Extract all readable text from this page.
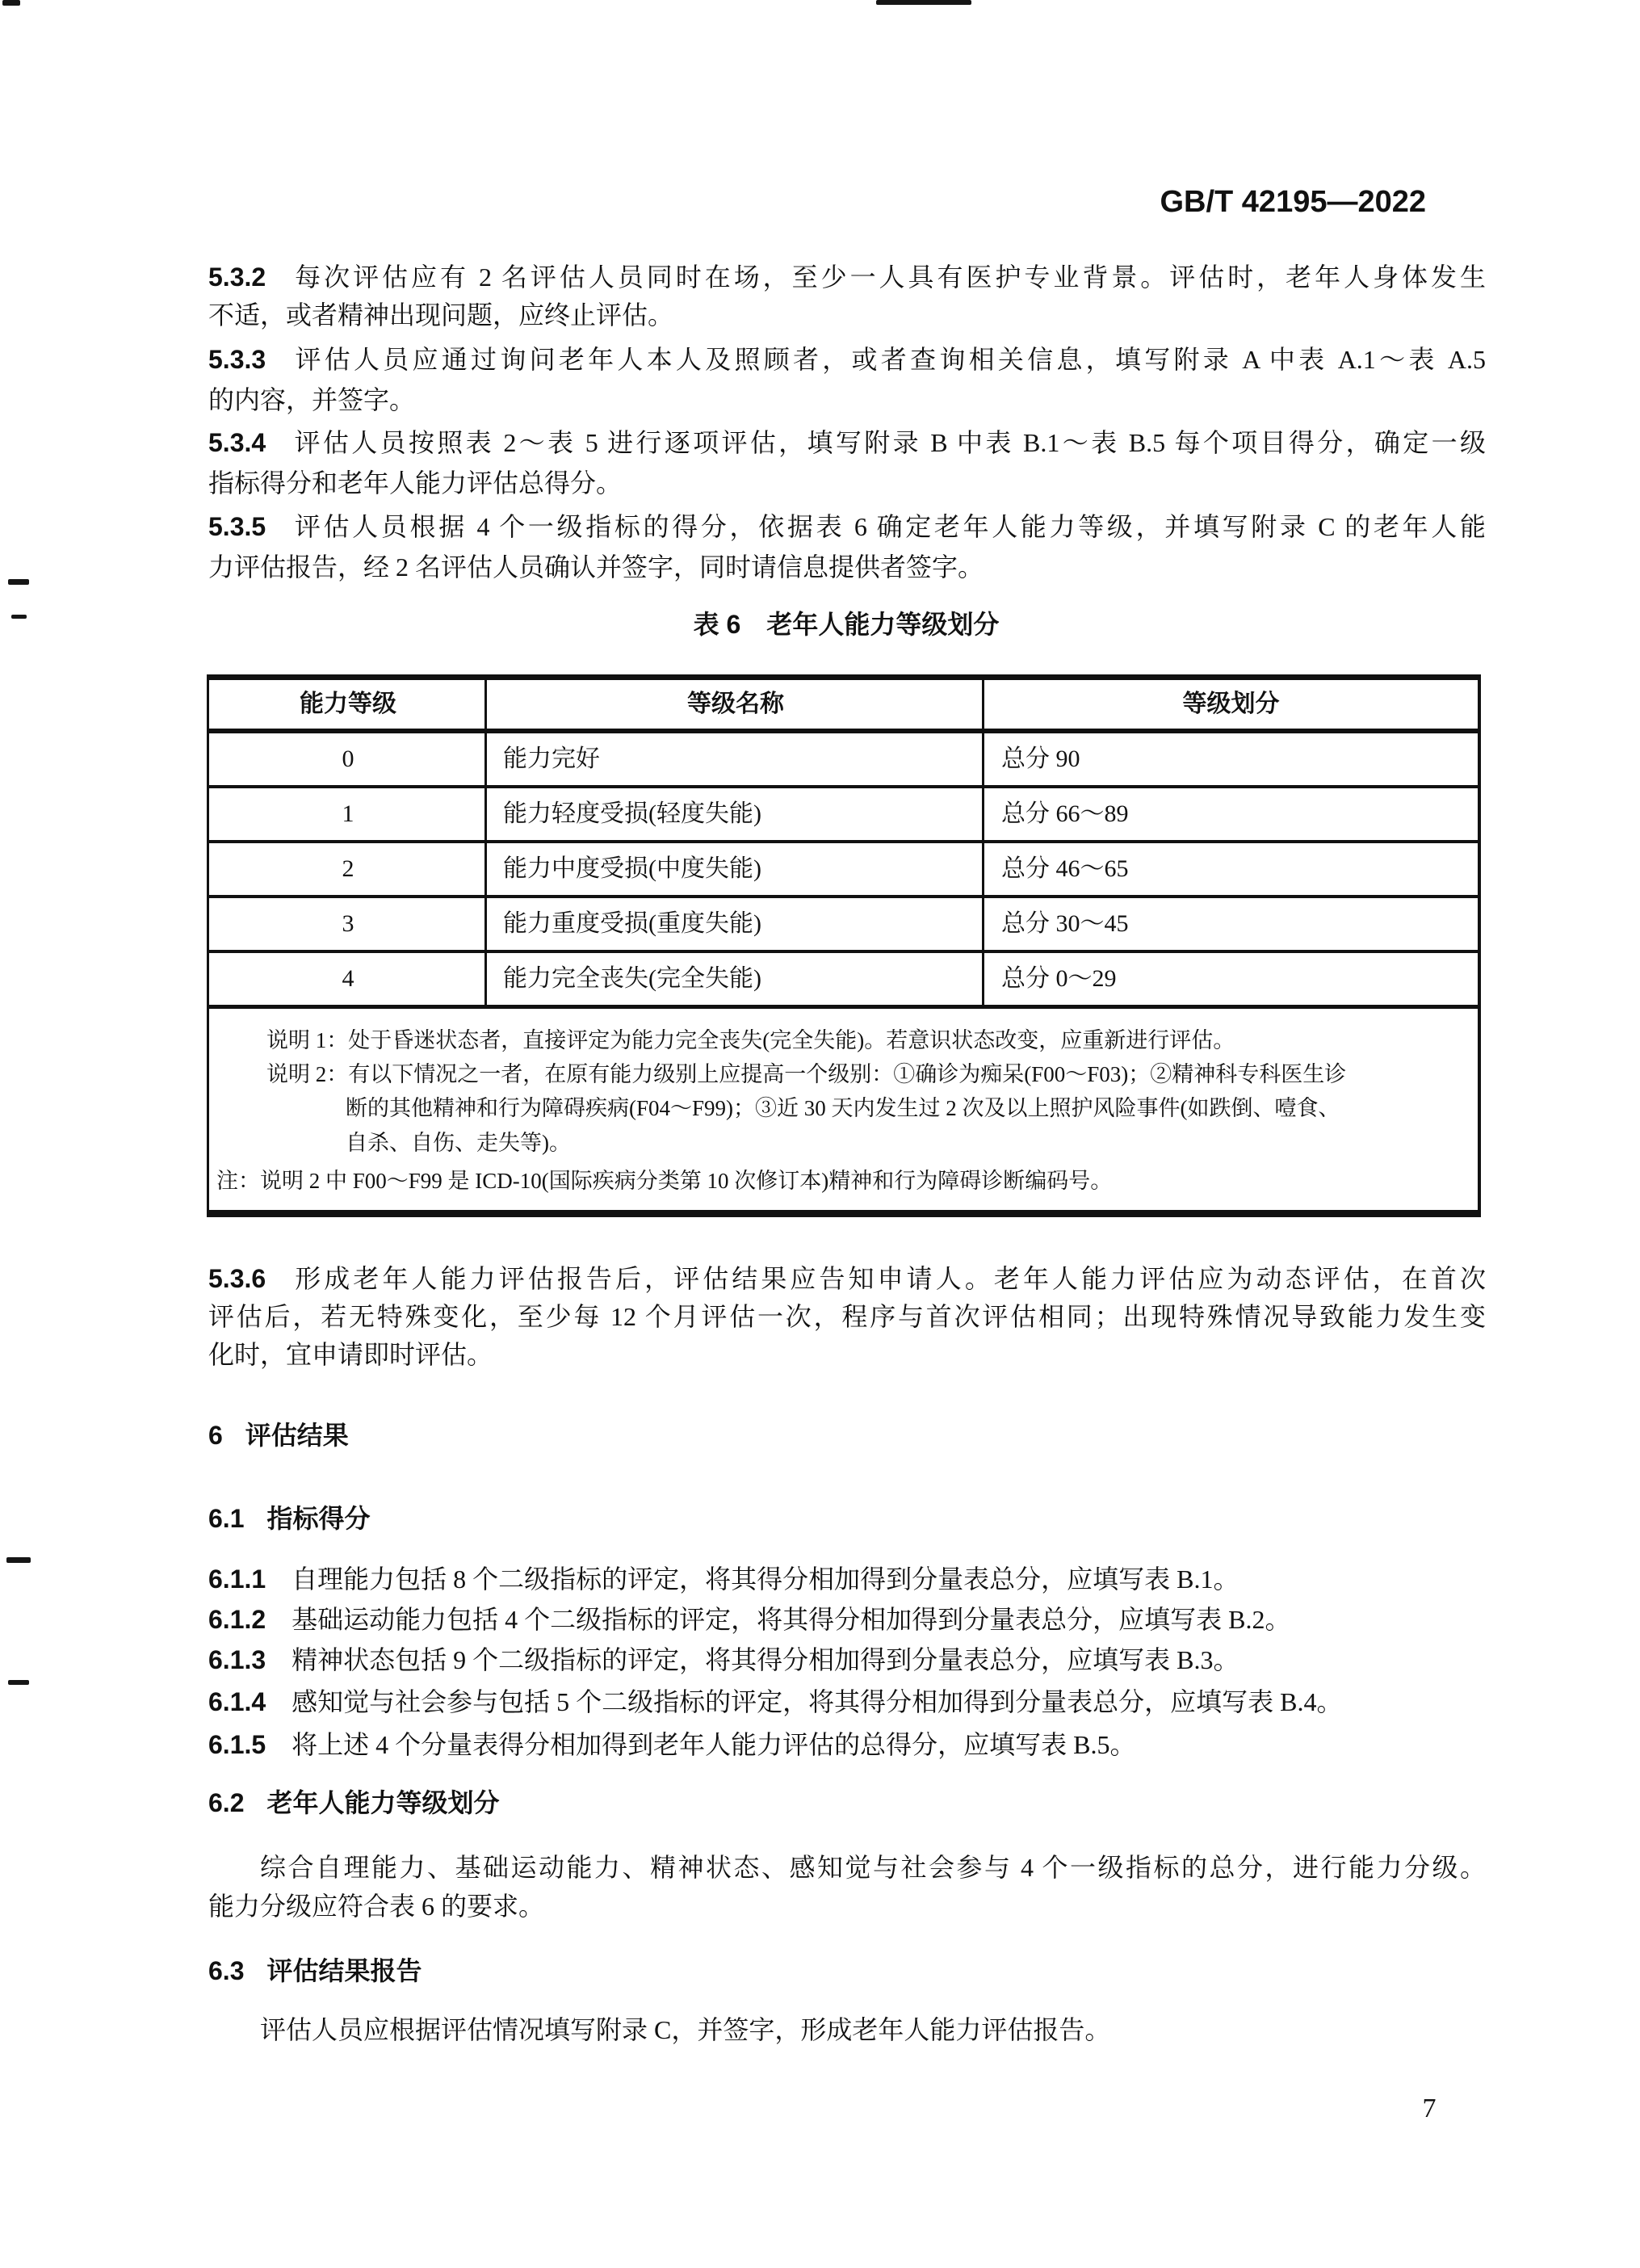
GB/T 42195—2022
5.3.2 每次评估应有 2 名评估人员同时在场，至少一人具有医护专业背景。评估时，老年人身体发生
不适，或者精神出现问题，应终止评估。
5.3.3 评估人员应通过询问老年人本人及照顾者，或者查询相关信息，填写附录 A 中表 A.1～表 A.5
的内容，并签字。
5.3.4 评估人员按照表 2～表 5 进行逐项评估，填写附录 B 中表 B.1～表 B.5 每个项目得分，确定一级
指标得分和老年人能力评估总得分。
5.3.5 评估人员根据 4 个一级指标的得分，依据表 6 确定老年人能力等级，并填写附录 C 的老年人能
力评估报告，经 2 名评估人员确认并签字，同时请信息提供者签字。
表 6　老年人能力等级划分
能力等级	等级名称	等级划分
0	能力完好	总分 90
1	能力轻度受损(轻度失能)	总分 66～89
2	能力中度受损(中度失能)	总分 46～65
3	能力重度受损(重度失能)	总分 30～45
4	能力完全丧失(完全失能)	总分 0～29
说明 1：处于昏迷状态者，直接评定为能力完全丧失(完全失能)。若意识状态改变，应重新进行评估。
说明 2：有以下情况之一者，在原有能力级别上应提高一个级别：①确诊为痴呆(F00～F03)；②精神科专科医生诊
断的其他精神和行为障碍疾病(F04～F99)；③近 30 天内发生过 2 次及以上照护风险事件(如跌倒、噎食、
自杀、自伤、走失等)。
注：说明 2 中 F00～F99 是 ICD-10(国际疾病分类第 10 次修订本)精神和行为障碍诊断编码号。
5.3.6 形成老年人能力评估报告后，评估结果应告知申请人。老年人能力评估应为动态评估，在首次
评估后，若无特殊变化，至少每 12 个月评估一次，程序与首次评估相同；出现特殊情况导致能力发生变
化时，宜申请即时评估。
6 评估结果
6.1 指标得分
6.1.1 自理能力包括 8 个二级指标的评定，将其得分相加得到分量表总分，应填写表 B.1。
6.1.2 基础运动能力包括 4 个二级指标的评定，将其得分相加得到分量表总分，应填写表 B.2。
6.1.3 精神状态包括 9 个二级指标的评定，将其得分相加得到分量表总分，应填写表 B.3。
6.1.4 感知觉与社会参与包括 5 个二级指标的评定，将其得分相加得到分量表总分，应填写表 B.4。
6.1.5 将上述 4 个分量表得分相加得到老年人能力评估的总得分，应填写表 B.5。
6.2 老年人能力等级划分
综合自理能力、基础运动能力、精神状态、感知觉与社会参与 4 个一级指标的总分，进行能力分级。
能力分级应符合表 6 的要求。
6.3 评估结果报告
评估人员应根据评估情况填写附录 C，并签字，形成老年人能力评估报告。
7
